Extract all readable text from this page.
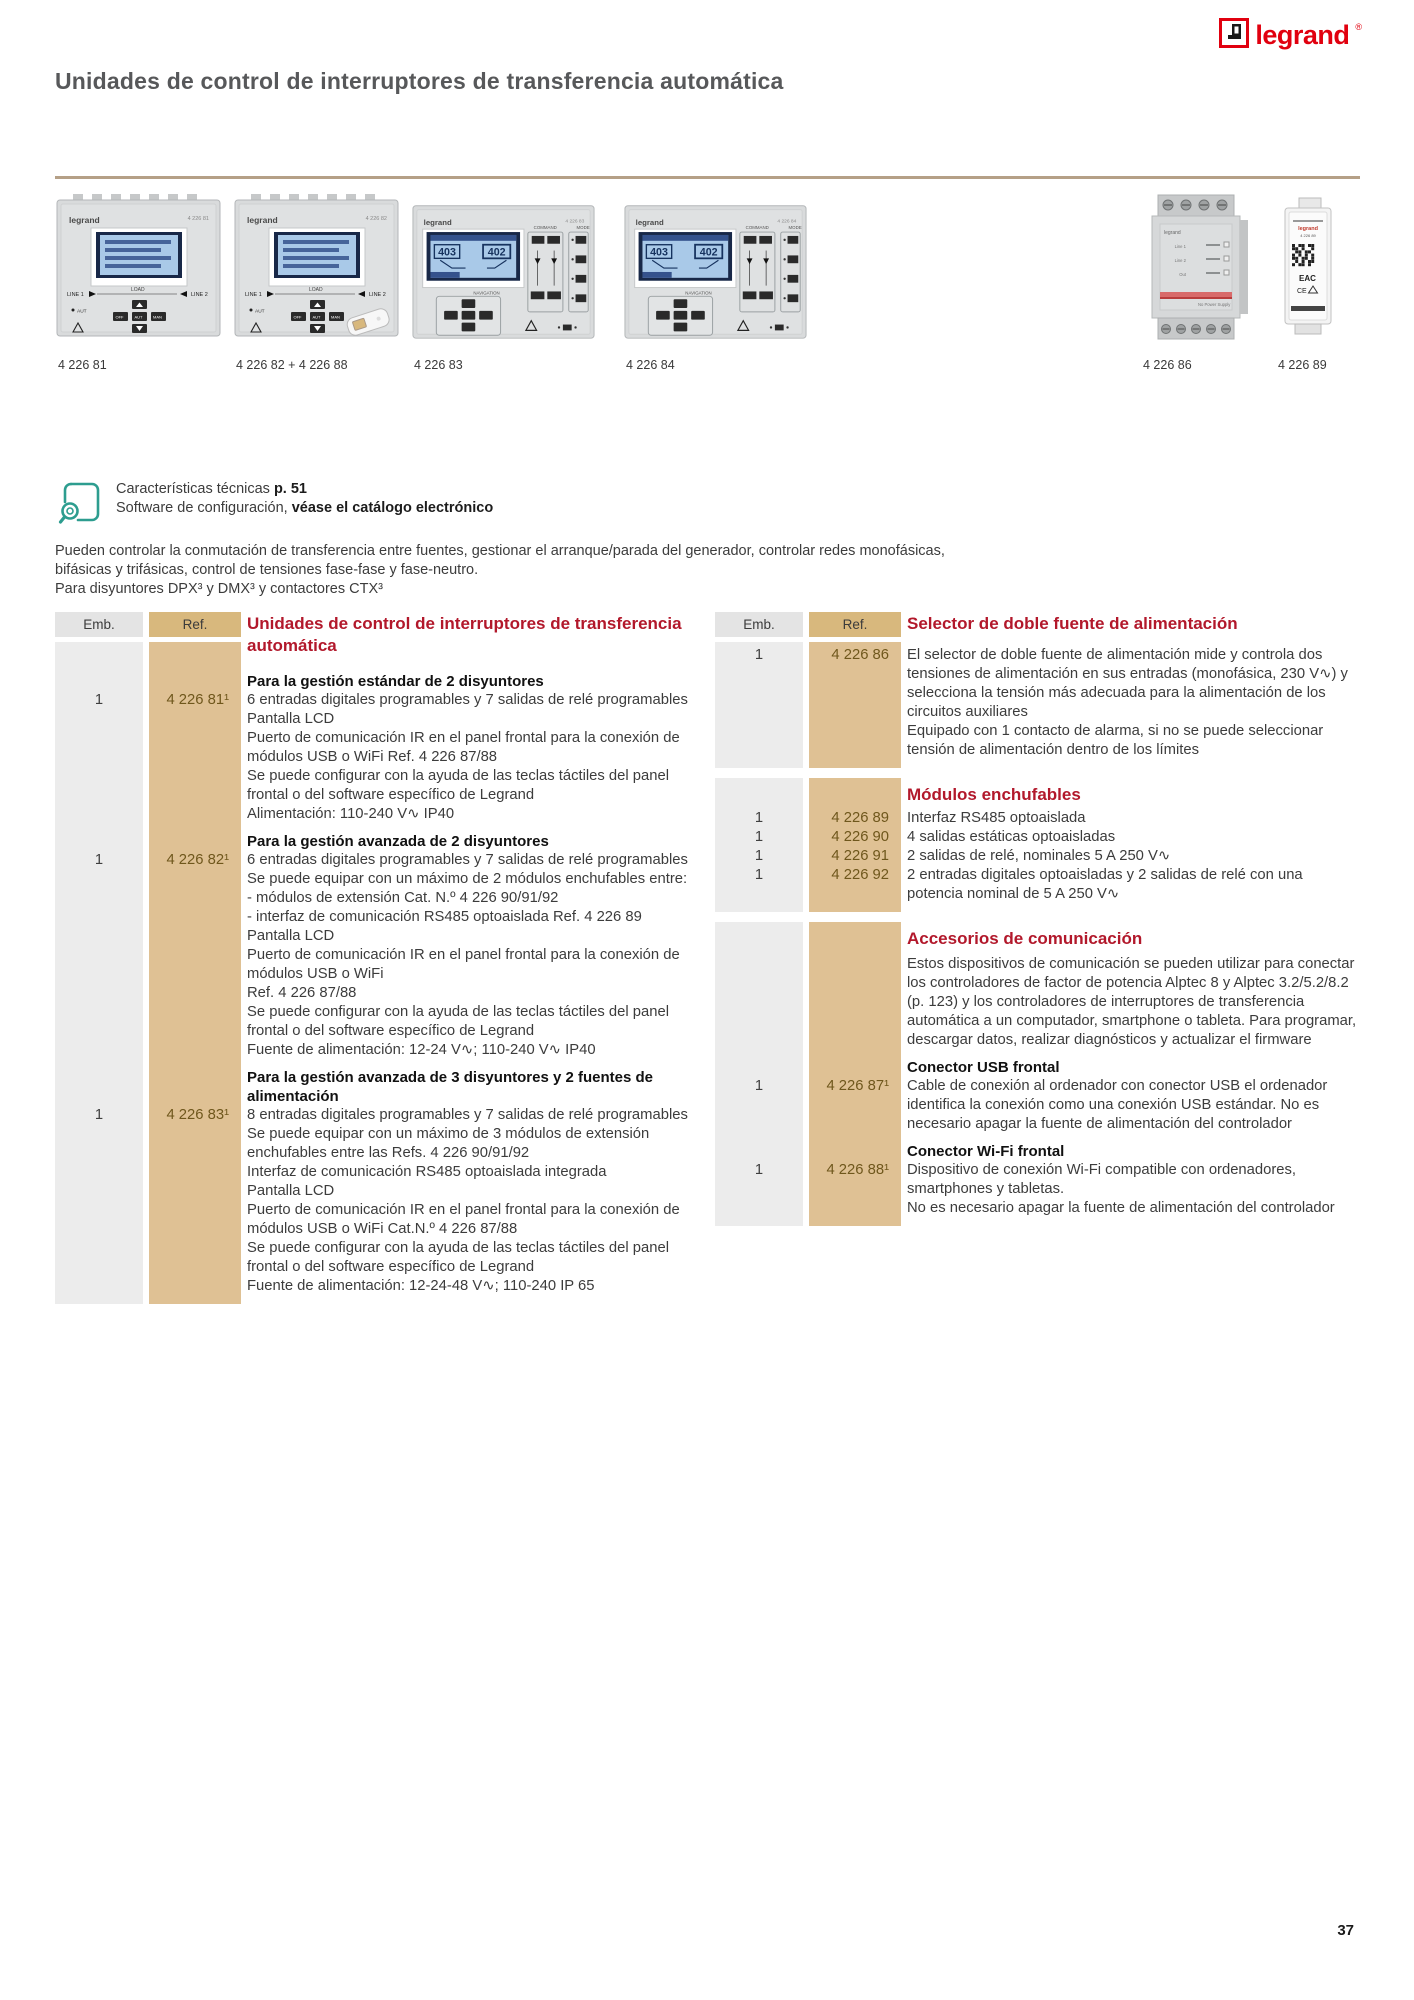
legrand ®
Unidades de control de interruptores de transferencia automática
legrand	4 226 81
LINE 1
LOAD
LINE 2
OFF	AUT	MAN
AUT
4 226 81
legrand	4 226 82
LINE 1
LOAD
LINE 2
OFF	AUT	MAN
AUT
4 226 82 + 4 226 88
legrand	4 226 83
403	402
NAVIGATION
COMMAND	MODE
4 226 83
legrand	4 226 84
403	402
NAVIGATION
COMMAND	MODE
4 226 84
legrand
Line 1
Line 2
Out
No Power Supply
4 226 86
legrand
4 226 89
EAC
CE
4 226 89
Características técnicas p. 51
Software de configuración, véase el catálogo electrónico
Pueden controlar la conmutación de transferencia entre fuentes, gestionar el arranque/parada del generador, controlar redes monofásicas,
bifásicas y trifásicas, control de tensiones fase-fase y fase-neutro.
Para disyuntores DPX³ y DMX³ y contactores CTX³
Emb.	Ref.	Unidades de control de interruptores de transferencia automática
Para la gestión estándar de 2 disyuntores
1	4 226 81¹	6 entradas digitales programables y 7 salidas de relé programables
Pantalla LCD
Puerto de comunicación IR en el panel frontal para la conexión de módulos USB o WiFi Ref. 4 226 87/88
Se puede configurar con la ayuda de las teclas táctiles del panel frontal o del software específico de Legrand
Alimentación: 110-240 V∿ IP40
Para la gestión avanzada de 2 disyuntores
1	4 226 82¹	6 entradas digitales programables y 7 salidas de relé programables
Se puede equipar con un máximo de 2 módulos enchufables entre:
- módulos de extensión Cat. N.º 4 226 90/91/92
- interfaz de comunicación RS485 optoaislada Ref. 4 226 89
Pantalla LCD
Puerto de comunicación IR en el panel frontal para la conexión de módulos USB o WiFi
Ref. 4 226 87/88
Se puede configurar con la ayuda de las teclas táctiles del panel frontal o del software específico de Legrand
Fuente de alimentación: 12-24 V∿; 110-240 V∿ IP40
Para la gestión avanzada de 3 disyuntores y 2 fuentes de alimentación
1	4 226 83¹	8 entradas digitales programables y 7 salidas de relé programables
Se puede equipar con un máximo de 3 módulos de extensión enchufables entre las Refs. 4 226 90/91/92
Interfaz de comunicación RS485 optoaislada integrada
Pantalla LCD
Puerto de comunicación IR en el panel frontal para la conexión de módulos USB o WiFi Cat.N.º 4 226 87/88
Se puede configurar con la ayuda de las teclas táctiles del panel frontal o del software específico de Legrand
Fuente de alimentación: 12-24-48 V∿; 110-240 IP 65
Emb.	Ref.	Selector de doble fuente de alimentación
1	4 226 86	El selector de doble fuente de alimentación mide y controla dos tensiones de alimentación en sus entradas (monofásica, 230 V∿) y selecciona la tensión más adecuada para la alimentación de los circuitos auxiliares
Equipado con 1 contacto de alarma, si no se puede seleccionar tensión de alimentación dentro de los límites
Módulos enchufables
1	4 226 89	Interfaz RS485 optoaislada
1	4 226 90	4 salidas estáticas optoaisladas
1	4 226 91	2 salidas de relé, nominales 5 A 250 V∿
1	4 226 92	2 entradas digitales optoaisladas y 2 salidas de relé con una potencia nominal de 5 A 250 V∿
Accesorios de comunicación
Estos dispositivos de comunicación se pueden utilizar para conectar los controladores de factor de potencia Alptec 8 y Alptec 3.2/5.2/8.2 (p. 123) y los controladores de interruptores de transferencia automática a un computador, smartphone o tableta. Para programar, descargar datos, realizar diagnósticos y actualizar el firmware
Conector USB frontal
1	4 226 87¹	Cable de conexión al ordenador con conector USB el ordenador identifica la conexión como una conexión USB estándar. No es necesario apagar la fuente de alimentación del controlador
Conector Wi-Fi frontal
1	4 226 88¹	Dispositivo de conexión Wi-Fi compatible con ordenadores, smartphones y tabletas.
No es necesario apagar la fuente de alimentación del controlador
37
